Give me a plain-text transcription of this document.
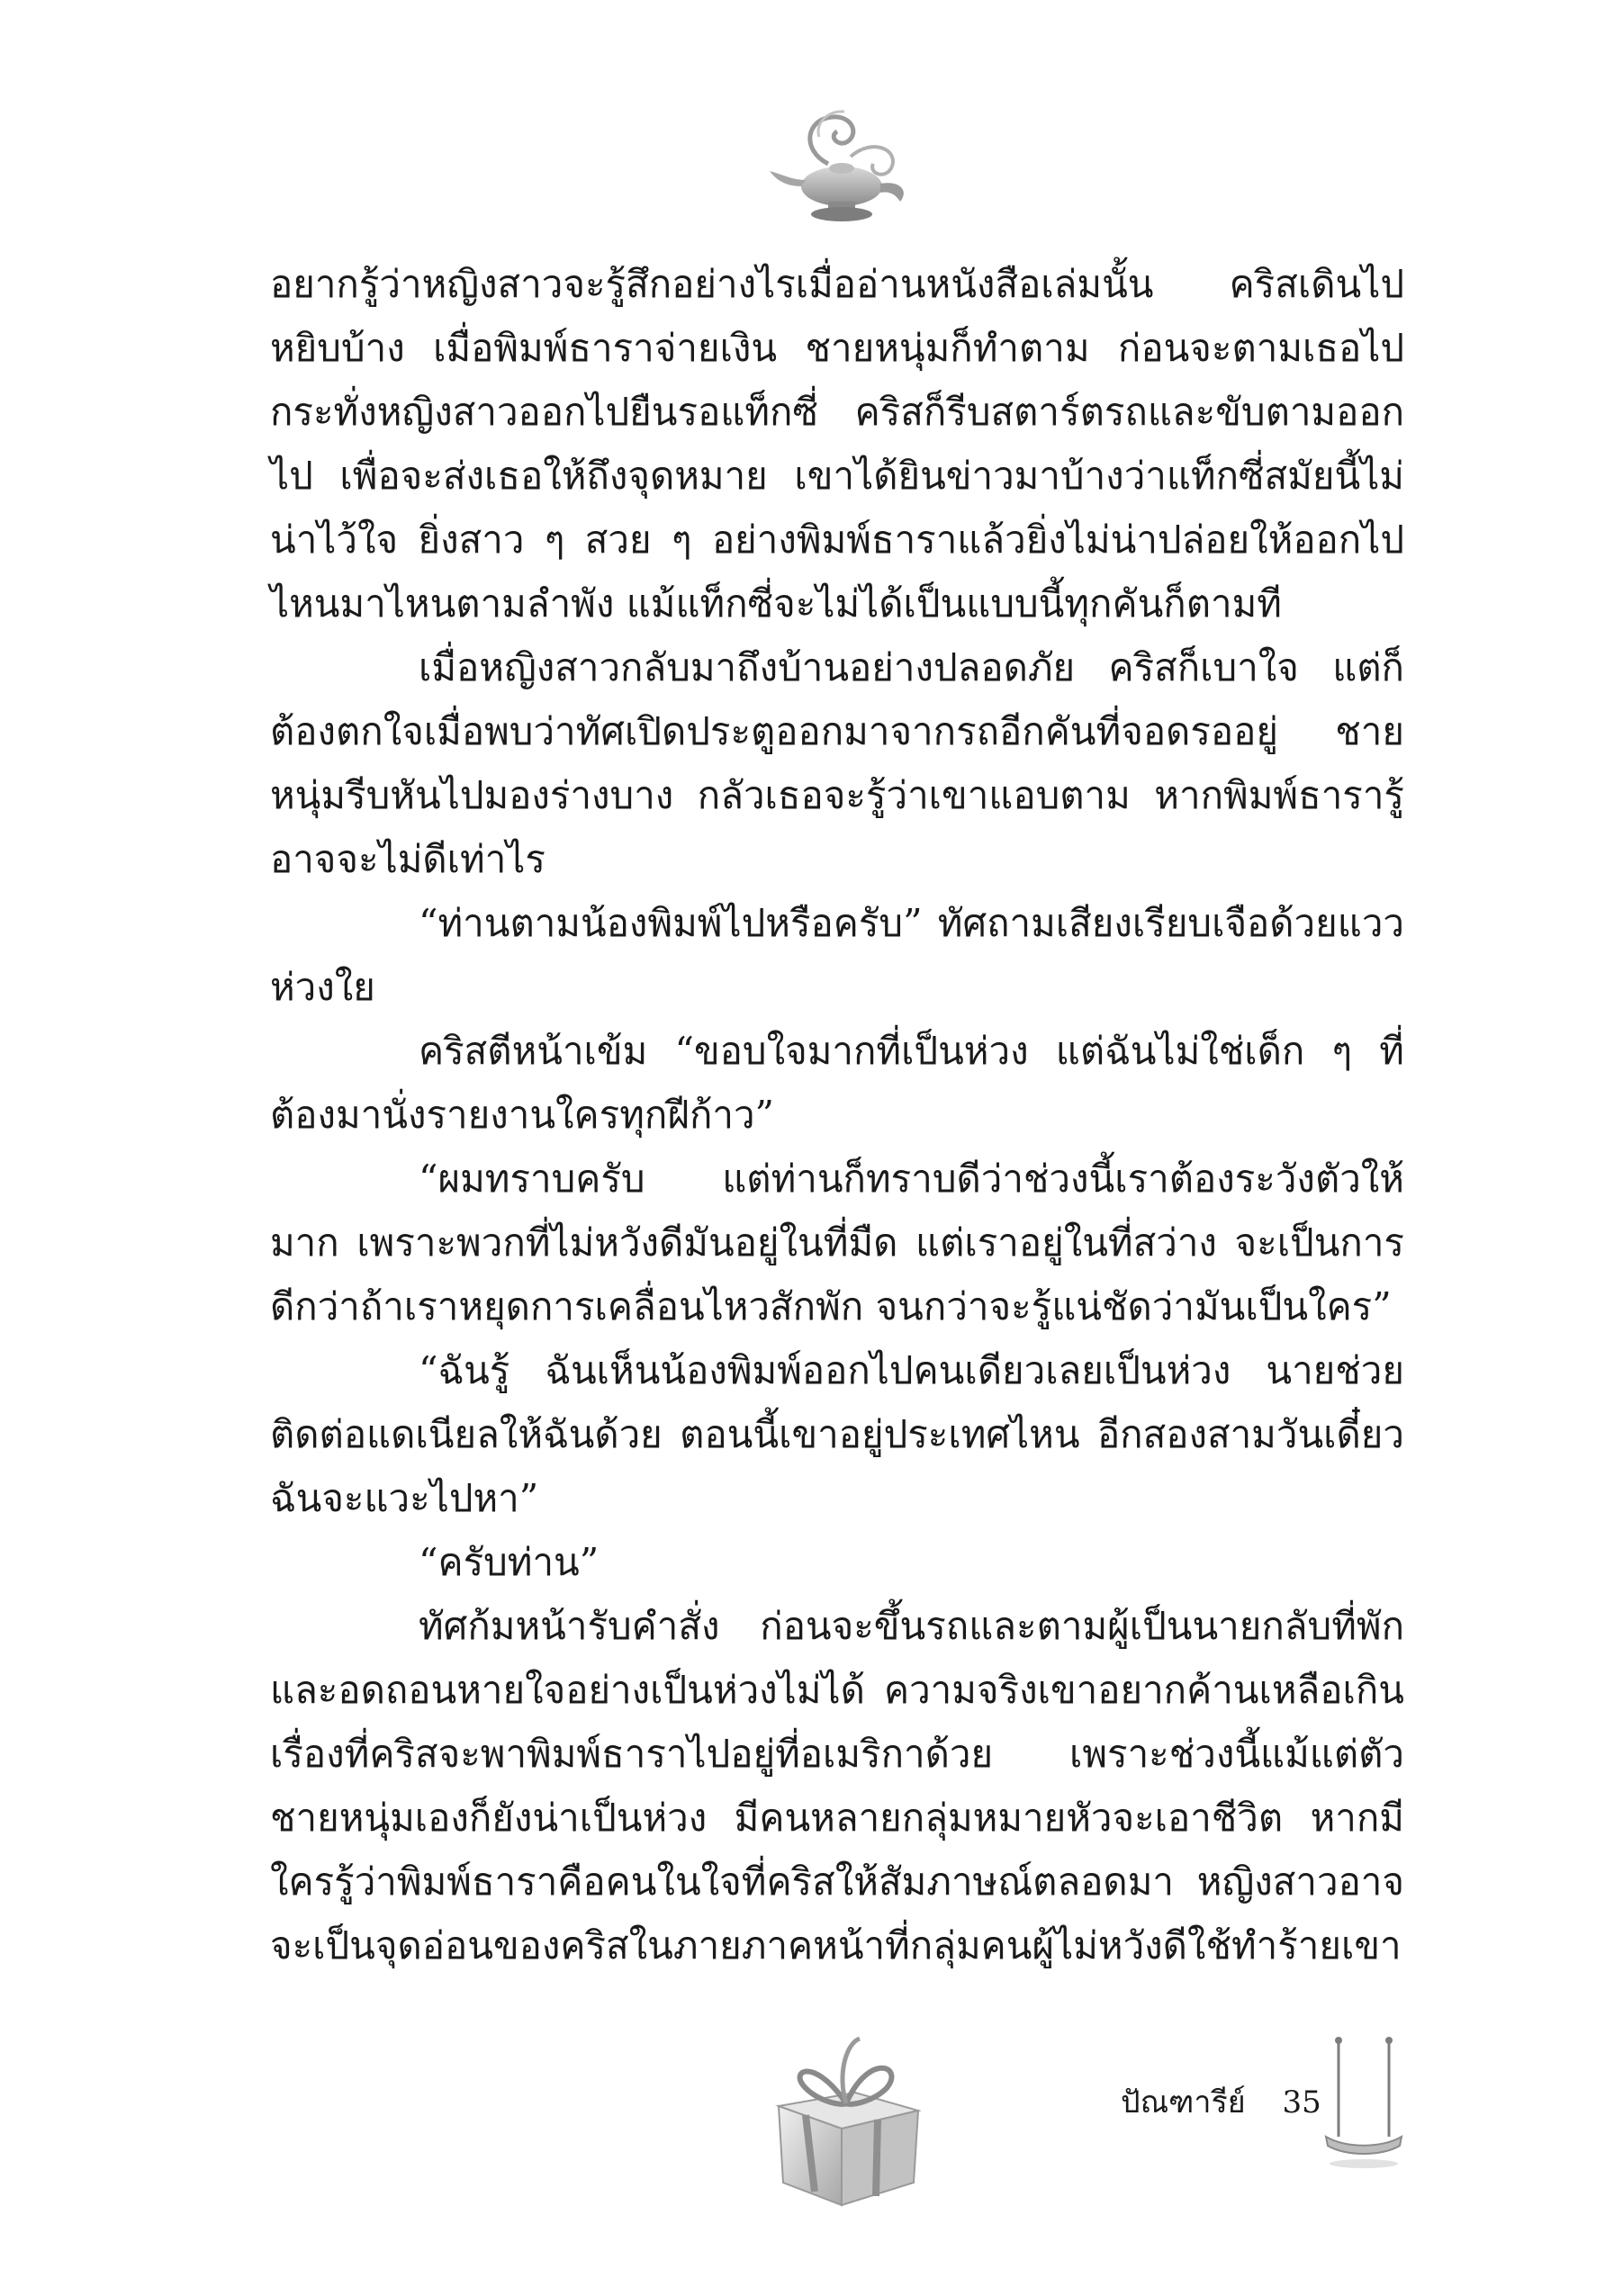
อยากรู้ว่าหญิงสาวจะรู้สึกอย่างไรเมื่ออ่านหนังสือเล่มนั้น คริสเดินไปหยิบบ้าง เมื่อพิมพ์ธาราจ่ายเงิน ชายหนุ่มก็ทำตาม ก่อนจะตามเธอไปกระทั่งหญิงสาวออกไปยืนรอแท็กซี่ คริสก็รีบสตาร์ตรถและขับตามออกไป เพื่อจะส่งเธอให้ถึงจุดหมาย เขาได้ยินข่าวมาบ้างว่าแท็กซี่สมัยนี้ไม่น่าไว้ใจ ยิ่งสาว ๆ สวย ๆ อย่างพิมพ์ธาราแล้วยิ่งไม่น่าปล่อยให้ออกไปไหนมาไหนตามลำพัง แม้แท็กซี่จะไม่ได้เป็นแบบนี้ทุกคันก็ตามที

เมื่อหญิงสาวกลับมาถึงบ้านอย่างปลอดภัย คริสก็เบาใจ แต่ก็ต้องตกใจเมื่อพบว่าทัศเปิดประตูออกมาจากรถอีกคันที่จอดรออยู่ ชายหนุ่มรีบหันไปมองร่างบาง กลัวเธอจะรู้ว่าเขาแอบตาม หากพิมพ์ธารารู้อาจจะไม่ดีเท่าไร

“ท่านตามน้องพิมพ์ไปหรือครับ” ทัศถามเสียงเรียบเจือด้วยแววห่วงใย

คริสตีหน้าเข้ม “ขอบใจมากที่เป็นห่วง แต่ฉันไม่ใช่เด็ก ๆ ที่ต้องมานั่งรายงานใครทุกฝีก้าว”

“ผมทราบครับ แต่ท่านก็ทราบดีว่าช่วงนี้เราต้องระวังตัวให้มาก เพราะพวกที่ไม่หวังดีมันอยู่ในที่มืด แต่เราอยู่ในที่สว่าง จะเป็นการดีกว่าถ้าเราหยุดการเคลื่อนไหวสักพัก จนกว่าจะรู้แน่ชัดว่ามันเป็นใคร”

“ฉันรู้ ฉันเห็นน้องพิมพ์ออกไปคนเดียวเลยเป็นห่วง นายช่วยติดต่อแดเนียลให้ฉันด้วย ตอนนี้เขาอยู่ประเทศไหน อีกสองสามวันเดี๋ยวฉันจะแวะไปหา”

“ครับท่าน”

ทัศก้มหน้ารับคำสั่ง ก่อนจะขึ้นรถและตามผู้เป็นนายกลับที่พัก และอดถอนหายใจอย่างเป็นห่วงไม่ได้ ความจริงเขาอยากค้านเหลือเกินเรื่องที่คริสจะพาพิมพ์ธาราไปอยู่ที่อเมริกาด้วย เพราะช่วงนี้แม้แต่ตัวชายหนุ่มเองก็ยังน่าเป็นห่วง มีคนหลายกลุ่มหมายหัวจะเอาชีวิต หากมีใครรู้ว่าพิมพ์ธาราคือคนในใจที่คริสให้สัมภาษณ์ตลอดมา หญิงสาวอาจจะเป็นจุดอ่อนของคริสในภายภาคหน้าที่กลุ่มคนผู้ไม่หวังดีใช้ทำร้ายเขา

ปัณฑารีย์ 35
